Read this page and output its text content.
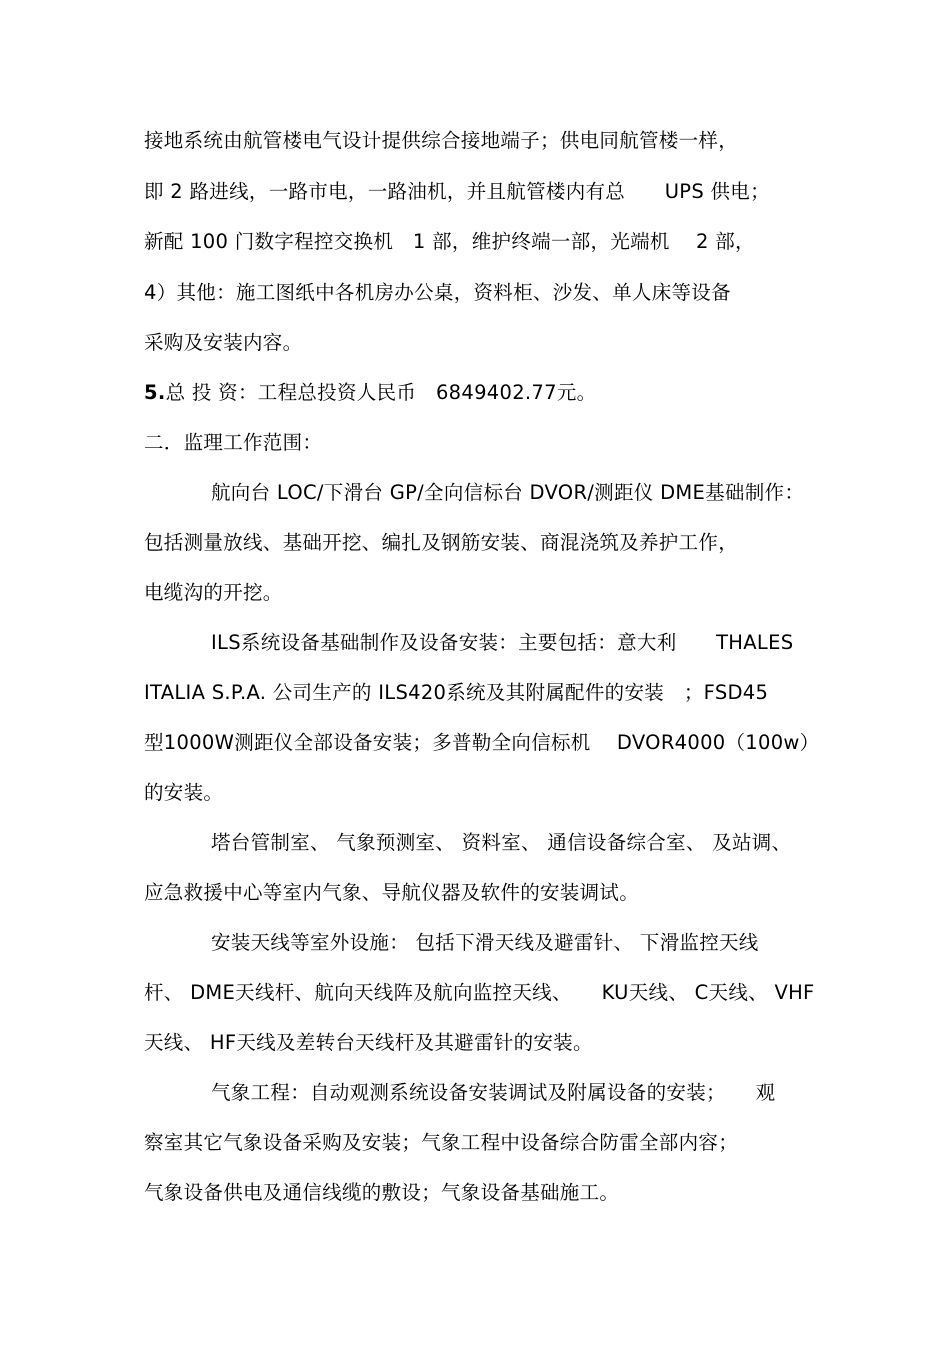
接地系统由航管楼电气设计提供综合接地端子；供电同航管楼一样，
即 2 路进线，一路市电，一路油机，并且航管楼内有总　　UPS 供电；
新配 100 门数字程控交换机　1 部，维护终端一部，光端机　 2 部，
4）其他：施工图纸中各机房办公桌，资料柜、沙发、单人床等设备
采购及安装内容。
5.总 投 资：工程总投资人民币　6849402.77元。
二．监理工作范围：
航向台 LOC/下滑台 GP/全向信标台 DVOR/测距仪 DME基础制作：
包括测量放线、基础开挖、编扎及钢筋安装、商混浇筑及养护工作，
电缆沟的开挖。
ILS系统设备基础制作及设备安装：主要包括：意大利　　THALES
ITALIA S.P.A. 公司生产的 ILS420系统及其附属配件的安装　；FSD45
型1000W测距仪全部设备安装；多普勒全向信标机　 DVOR4000（100w）
的安装。
塔台管制室、 气象预测室、 资料室、 通信设备综合室、 及站调、
应急救援中心等室内气象、导航仪器及软件的安装调试。
安装天线等室外设施： 包括下滑天线及避雷针、 下滑监控天线
杆、 DME天线杆、航向天线阵及航向监控天线、　　KU天线、 C天线、 VHF
天线、 HF天线及差转台天线杆及其避雷针的安装。
气象工程：自动观测系统设备安装调试及附属设备的安装；　　观
察室其它气象设备采购及安装；气象工程中设备综合防雷全部内容；
气象设备供电及通信线缆的敷设；气象设备基础施工。
